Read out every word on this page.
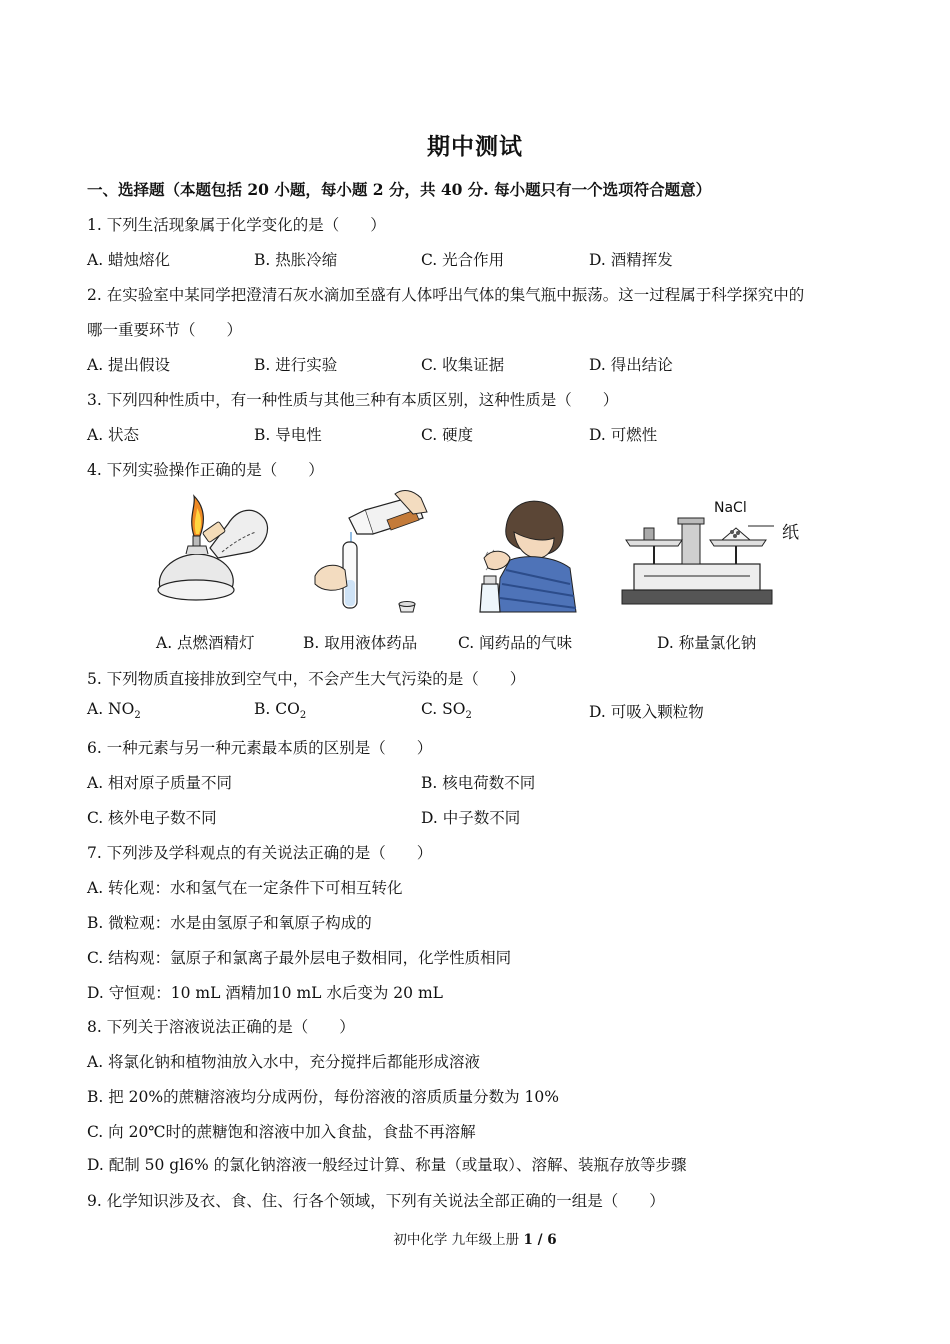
期中测试
一、选择题（本题包括 20 小题，每小题 2 分，共 40 分. 每小题只有一个选项符合题意）
1. 下列生活现象属于化学变化的是（　　）
A. 蜡烛熔化	B. 热胀冷缩	C. 光合作用	D. 酒精挥发
2. 在实验室中某同学把澄清石灰水滴加至盛有人体呼出气体的集气瓶中振荡。这一过程属于科学探究中的
哪一重要环节（　　）
A. 提出假设	B. 进行实验	C. 收集证据	D. 得出结论
3. 下列四种性质中，有一种性质与其他三种有本质区别，这种性质是（　　）
A. 状态	B. 导电性	C. 硬度	D. 可燃性
4. 下列实验操作正确的是（　　）
NaCl
纸
A. 点燃酒精灯	B. 取用液体药品	C. 闻药品的气味	D. 称量氯化钠
5. 下列物质直接排放到空气中，不会产生大气污染的是（　　）
A. $NO_2$	B. $CO_2$	C. $SO_2$	D. 可吸入颗粒物
6. 一种元素与另一种元素最本质的区别是（　　）
A. 相对原子质量不同	B. 核电荷数不同
C. 核外电子数不同	D. 中子数不同
7. 下列涉及学科观点的有关说法正确的是（　　）
A. 转化观：水和氢气在一定条件下可相互转化
B. 微粒观：水是由氢原子和氧原子构成的
C. 结构观：氩原子和氯离子最外层电子数相同，化学性质相同
D. 守恒观：10 mL 酒精加10 mL 水后变为 20 mL
8. 下列关于溶液说法正确的是（　　）
A. 将氯化钠和植物油放入水中，充分搅拌后都能形成溶液
B. 把 20%的蔗糖溶液均分成两份，每份溶液的溶质质量分数为 10%
C. 向 20℃时的蔗糖饱和溶液中加入食盐，食盐不再溶解
D. 配制 50 gl6% 的氯化钠溶液一般经过计算、称量（或量取）、溶解、装瓶存放等步骤
9. 化学知识涉及衣、食、住、行各个领域，下列有关说法全部正确的一组是（　　）
初中化学 九年级上册 1 / 6
